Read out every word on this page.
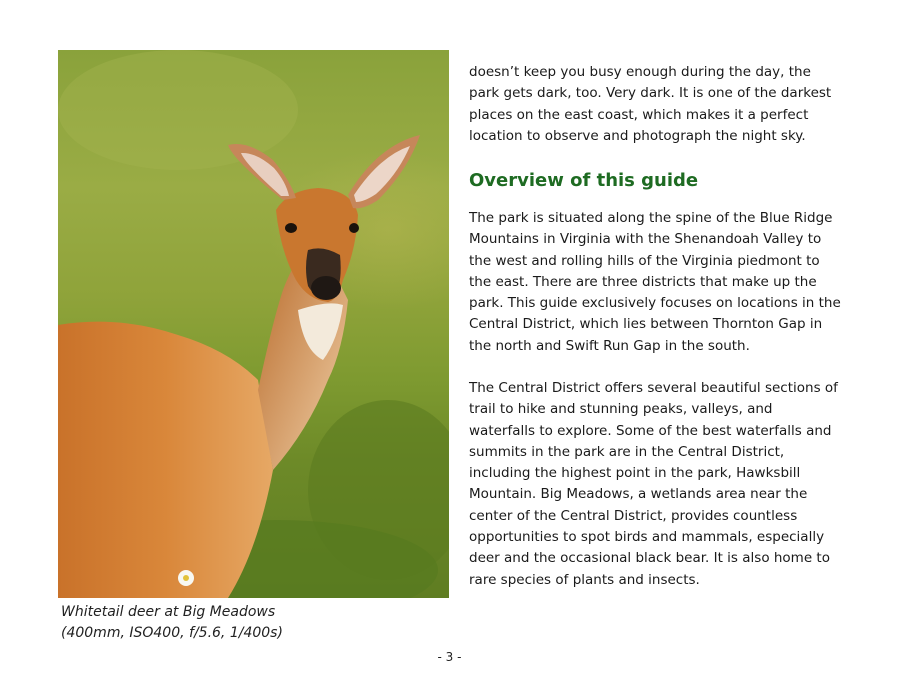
Whitetail deer at Big Meadows
(400mm, ISO400, f/5.6, 1/400s)

doesn’t keep you busy enough during the day, the park gets dark, too. Very dark. It is one of the darkest places on the east coast, which makes it a perfect location to observe and photograph the night sky.

Overview of this guide

The park is situated along the spine of the Blue Ridge Mountains in Virginia with the Shenandoah Valley to the west and rolling hills of the Virginia piedmont to the east. There are three districts that make up the park. This guide exclusively focuses on locations in the Central District, which lies between Thornton Gap in the north and Swift Run Gap in the south.

The Central District offers several beautiful sections of trail to hike and stunning peaks, valleys, and waterfalls to explore. Some of the best waterfalls and summits in the park are in the Central District, including the highest point in the park, Hawksbill Mountain. Big Meadows, a wetlands area near the center of the Central District, provides countless opportunities to spot birds and mammals, especially deer and the occasional black bear. It is also home to rare species of plants and insects.

- 3 -
